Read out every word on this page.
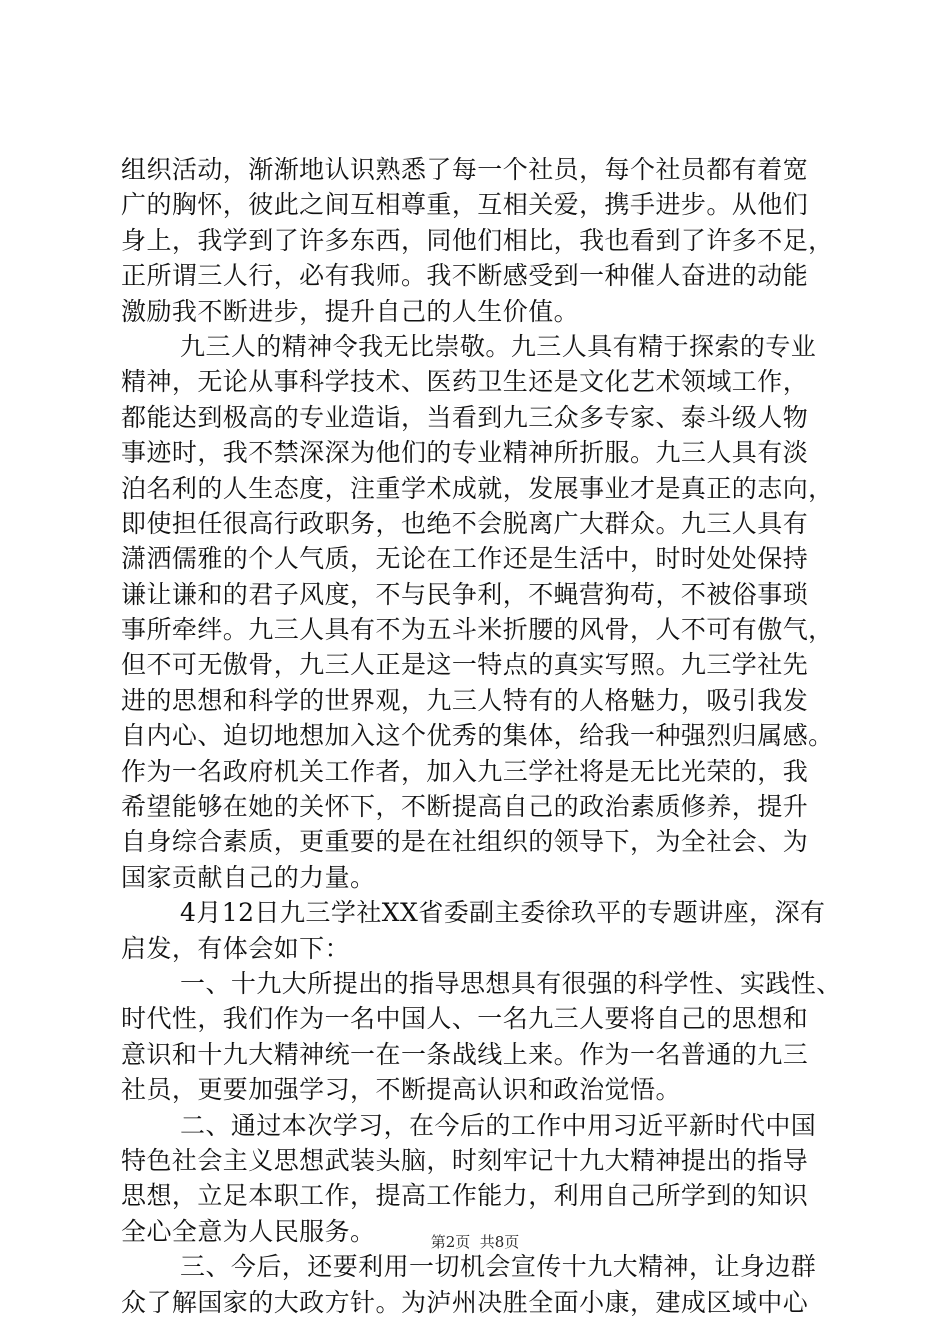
组织活动，渐渐地认识熟悉了每一个社员，每个社员都有着宽
广的胸怀，彼此之间互相尊重，互相关爱，携手进步。从他们
身上，我学到了许多东西，同他们相比，我也看到了许多不足，
正所谓三人行，必有我师。我不断感受到一种催人奋进的动能
激励我不断进步，提升自己的人生价值。
九三人的精神令我无比崇敬。九三人具有精于探索的专业
精神，无论从事科学技术、医药卫生还是文化艺术领域工作，
都能达到极高的专业造诣，当看到九三众多专家、泰斗级人物
事迹时，我不禁深深为他们的专业精神所折服。九三人具有淡
泊名利的人生态度，注重学术成就，发展事业才是真正的志向，
即使担任很高行政职务，也绝不会脱离广大群众。九三人具有
潇洒儒雅的个人气质，无论在工作还是生活中，时时处处保持
谦让谦和的君子风度，不与民争利，不蝇营狗苟，不被俗事琐
事所牵绊。九三人具有不为五斗米折腰的风骨，人不可有傲气，
但不可无傲骨，九三人正是这一特点的真实写照。九三学社先
进的思想和科学的世界观，九三人特有的人格魅力，吸引我发
自内心、迫切地想加入这个优秀的集体，给我一种强烈归属感。
作为一名政府机关工作者，加入九三学社将是无比光荣的，我
希望能够在她的关怀下，不断提高自己的政治素质修养，提升
自身综合素质，更重要的是在社组织的领导下，为全社会、为
国家贡献自己的力量。
4月12日九三学社XX省委副主委徐玖平的专题讲座，深有
启发，有体会如下：
一、十九大所提出的指导思想具有很强的科学性、实践性、
时代性，我们作为一名中国人、一名九三人要将自己的思想和
意识和十九大精神统一在一条战线上来。作为一名普通的九三
社员，更要加强学习，不断提高认识和政治觉悟。
二、通过本次学习，在今后的工作中用习近平新时代中国
特色社会主义思想武装头脑，时刻牢记十九大精神提出的指导
思想，立足本职工作，提高工作能力，利用自己所学到的知识
全心全意为人民服务。
三、今后，还要利用一切机会宣传十九大精神，让身边群
众了解国家的大政方针。为泸州决胜全面小康，建成区域中心
第2页  共8页
